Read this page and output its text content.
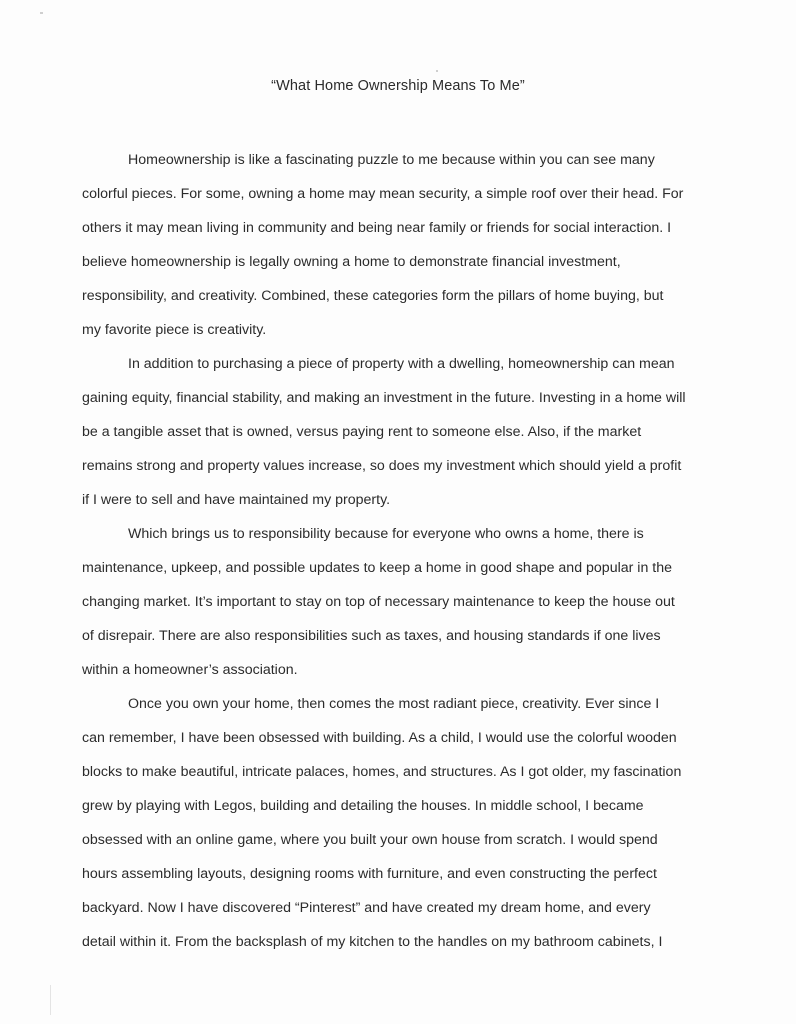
“What Home Ownership Means To Me”
Homeownership is like a fascinating puzzle to me because within you can see many
colorful pieces. For some, owning a home may mean security, a simple roof over their head. For
others it may mean living in community and being near family or friends for social interaction. I
believe homeownership is legally owning a home to demonstrate financial investment,
responsibility, and creativity. Combined, these categories form the pillars of home buying, but
my favorite piece is creativity.
In addition to purchasing a piece of property with a dwelling, homeownership can mean
gaining equity, financial stability, and making an investment in the future. Investing in a home will
be a tangible asset that is owned, versus paying rent to someone else. Also, if the market
remains strong and property values increase, so does my investment which should yield a profit
if I were to sell and have maintained my property.
Which brings us to responsibility because for everyone who owns a home, there is
maintenance, upkeep, and possible updates to keep a home in good shape and popular in the
changing market. It’s important to stay on top of necessary maintenance to keep the house out
of disrepair. There are also responsibilities such as taxes, and housing standards if one lives
within a homeowner’s association.
Once you own your home, then comes the most radiant piece, creativity. Ever since I
can remember, I have been obsessed with building. As a child, I would use the colorful wooden
blocks to make beautiful, intricate palaces, homes, and structures. As I got older, my fascination
grew by playing with Legos, building and detailing the houses. In middle school, I became
obsessed with an online game, where you built your own house from scratch. I would spend
hours assembling layouts, designing rooms with furniture, and even constructing the perfect
backyard. Now I have discovered “Pinterest” and have created my dream home, and every
detail within it. From the backsplash of my kitchen to the handles on my bathroom cabinets, I
